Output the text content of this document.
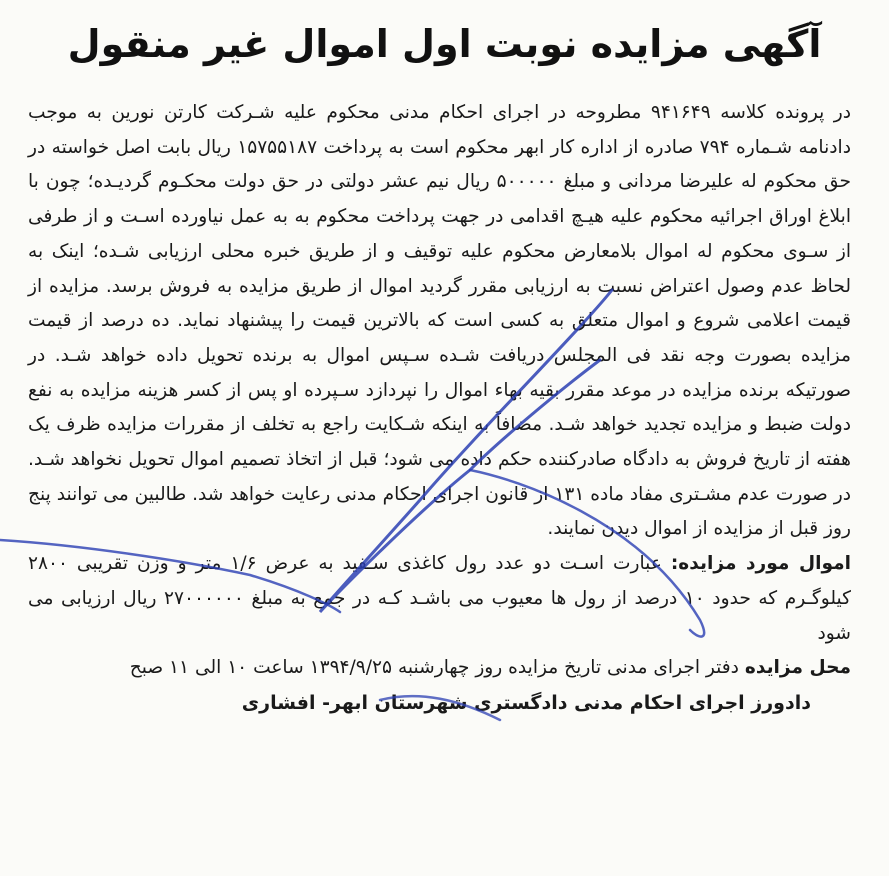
آگهی مزایده نوبت اول اموال غیر منقول

در پرونده کلاسه ۹۴۱۶۴۹ مطروحه در اجرای احکام مدنی محکوم علیه شـرکت کارتن نورین به موجب دادنامه شـماره ۷۹۴ صادره از اداره کار ابهر محکوم است به پرداخت ۱۵۷۵۵۱۸۷ ریال بابت اصل خواسته در حق محکوم له علیرضا مردانی و مبلغ ۵۰۰۰۰۰ ریال نیم عشر دولتی در حق دولت محکـوم گردیـده؛ چون با ابلاغ اوراق اجرائیه محکوم علیه هیـچ اقدامی در جهت پرداخت محکوم به به عمل نیاورده اسـت و از طرفی از سـوی محکوم له اموال بلامعارض محکوم علیه توقیف و از طریق خبره محلی ارزیابی شـده؛ اینک به لحاظ عدم وصول اعتراض نسبت به ارزیابی مقرر گردید اموال از طریق مزایده به فروش برسد. مزایده از قیمت اعلامی شروع و اموال متعلق به کسی است که بالاترین قیمت را پیشنهاد نماید. ده درصد از قیمت مزایده بصورت وجه نقد فی المجلس دریافت شـده سـپس اموال به برنده تحویل داده خواهد شـد. در صورتیکه برنده مزایده در موعد مقرر بقیه بهاء اموال را نپردازد سـپرده او پس از کسر هزینه مزایده به نفع دولت ضبط و مزایده تجدید خواهد شـد. مضافاً به اینکه شـکایت راجع به تخلف از مقررات مزایده ظرف یک هفته از تاریخ فروش به دادگاه صادرکننده حکم داده می شود؛ قبل از اتخاذ تصمیم اموال تحویل نخواهد شـد. در صورت عدم مشـتری مفاد ماده ۱۳۱ از قانون اجرای احکام مدنی رعایت خواهد شد. طالبین می توانند پنج روز قبل از مزایده از اموال دیدن نمایند.

اموال مورد مزایده: عبارت اسـت دو عدد رول کاغذی سـفید به عرض ۱/۶ متر و وزن تقریبی ۲۸۰۰ کیلوگـرم که حدود ۱۰ درصد از رول ها معیوب می باشـد کـه در جمع به مبلغ ۲۷۰۰۰۰۰۰ ریال ارزیابی می شود

محل مزایده دفتر اجرای مدنی تاریخ مزایده روز چهارشنبه ۱۳۹۴/۹/۲۵ ساعت ۱۰ الی ۱۱ صبح

دادورز اجرای احکام مدنی دادگستری شهرستان ابهر- افشاری
